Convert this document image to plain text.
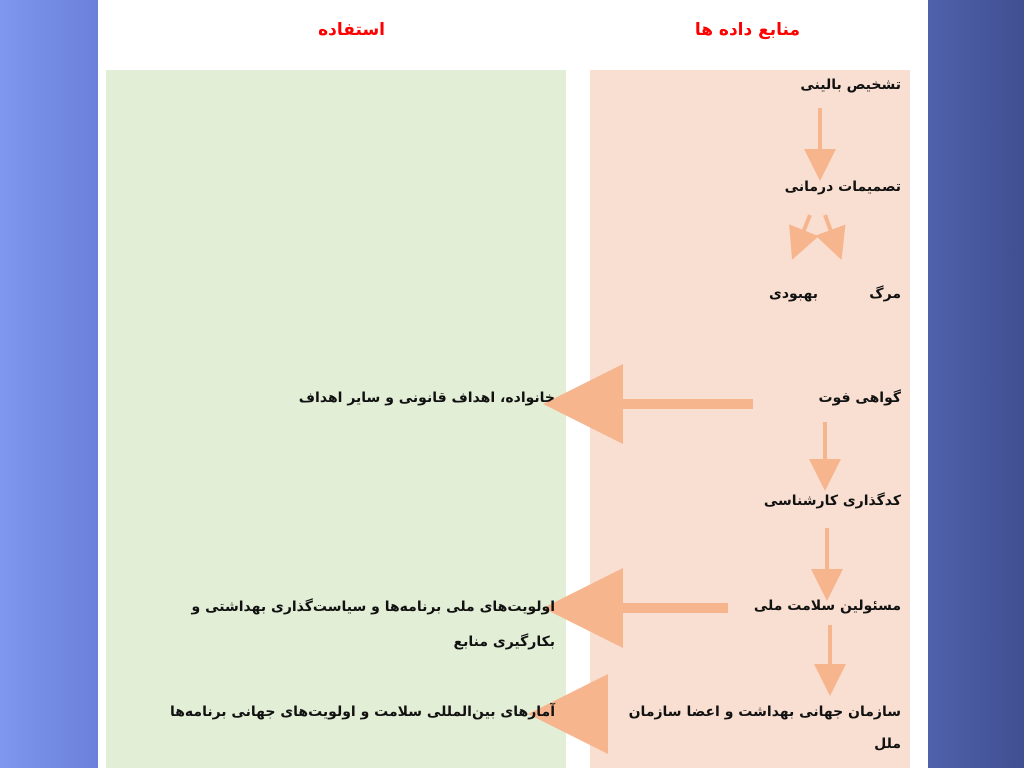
منابع داده ها
استفاده
تشخیص بالینی
تصمیمات درمانی
مرگ
بهبودی
گواهی فوت
کدگذاری کارشناسی
مسئولین سلامت ملی
سازمان جهانی بهداشت و اعضا سازمان
ملل
خانواده، اهداف قانونی و سایر اهداف
اولویت‌های ملی برنامه‌ها و سیاست‌گذاری بهداشتی و
بکارگیری منابع
آمارهای بین‌المللی سلامت و اولویت‌های جهانی برنامه‌ها
